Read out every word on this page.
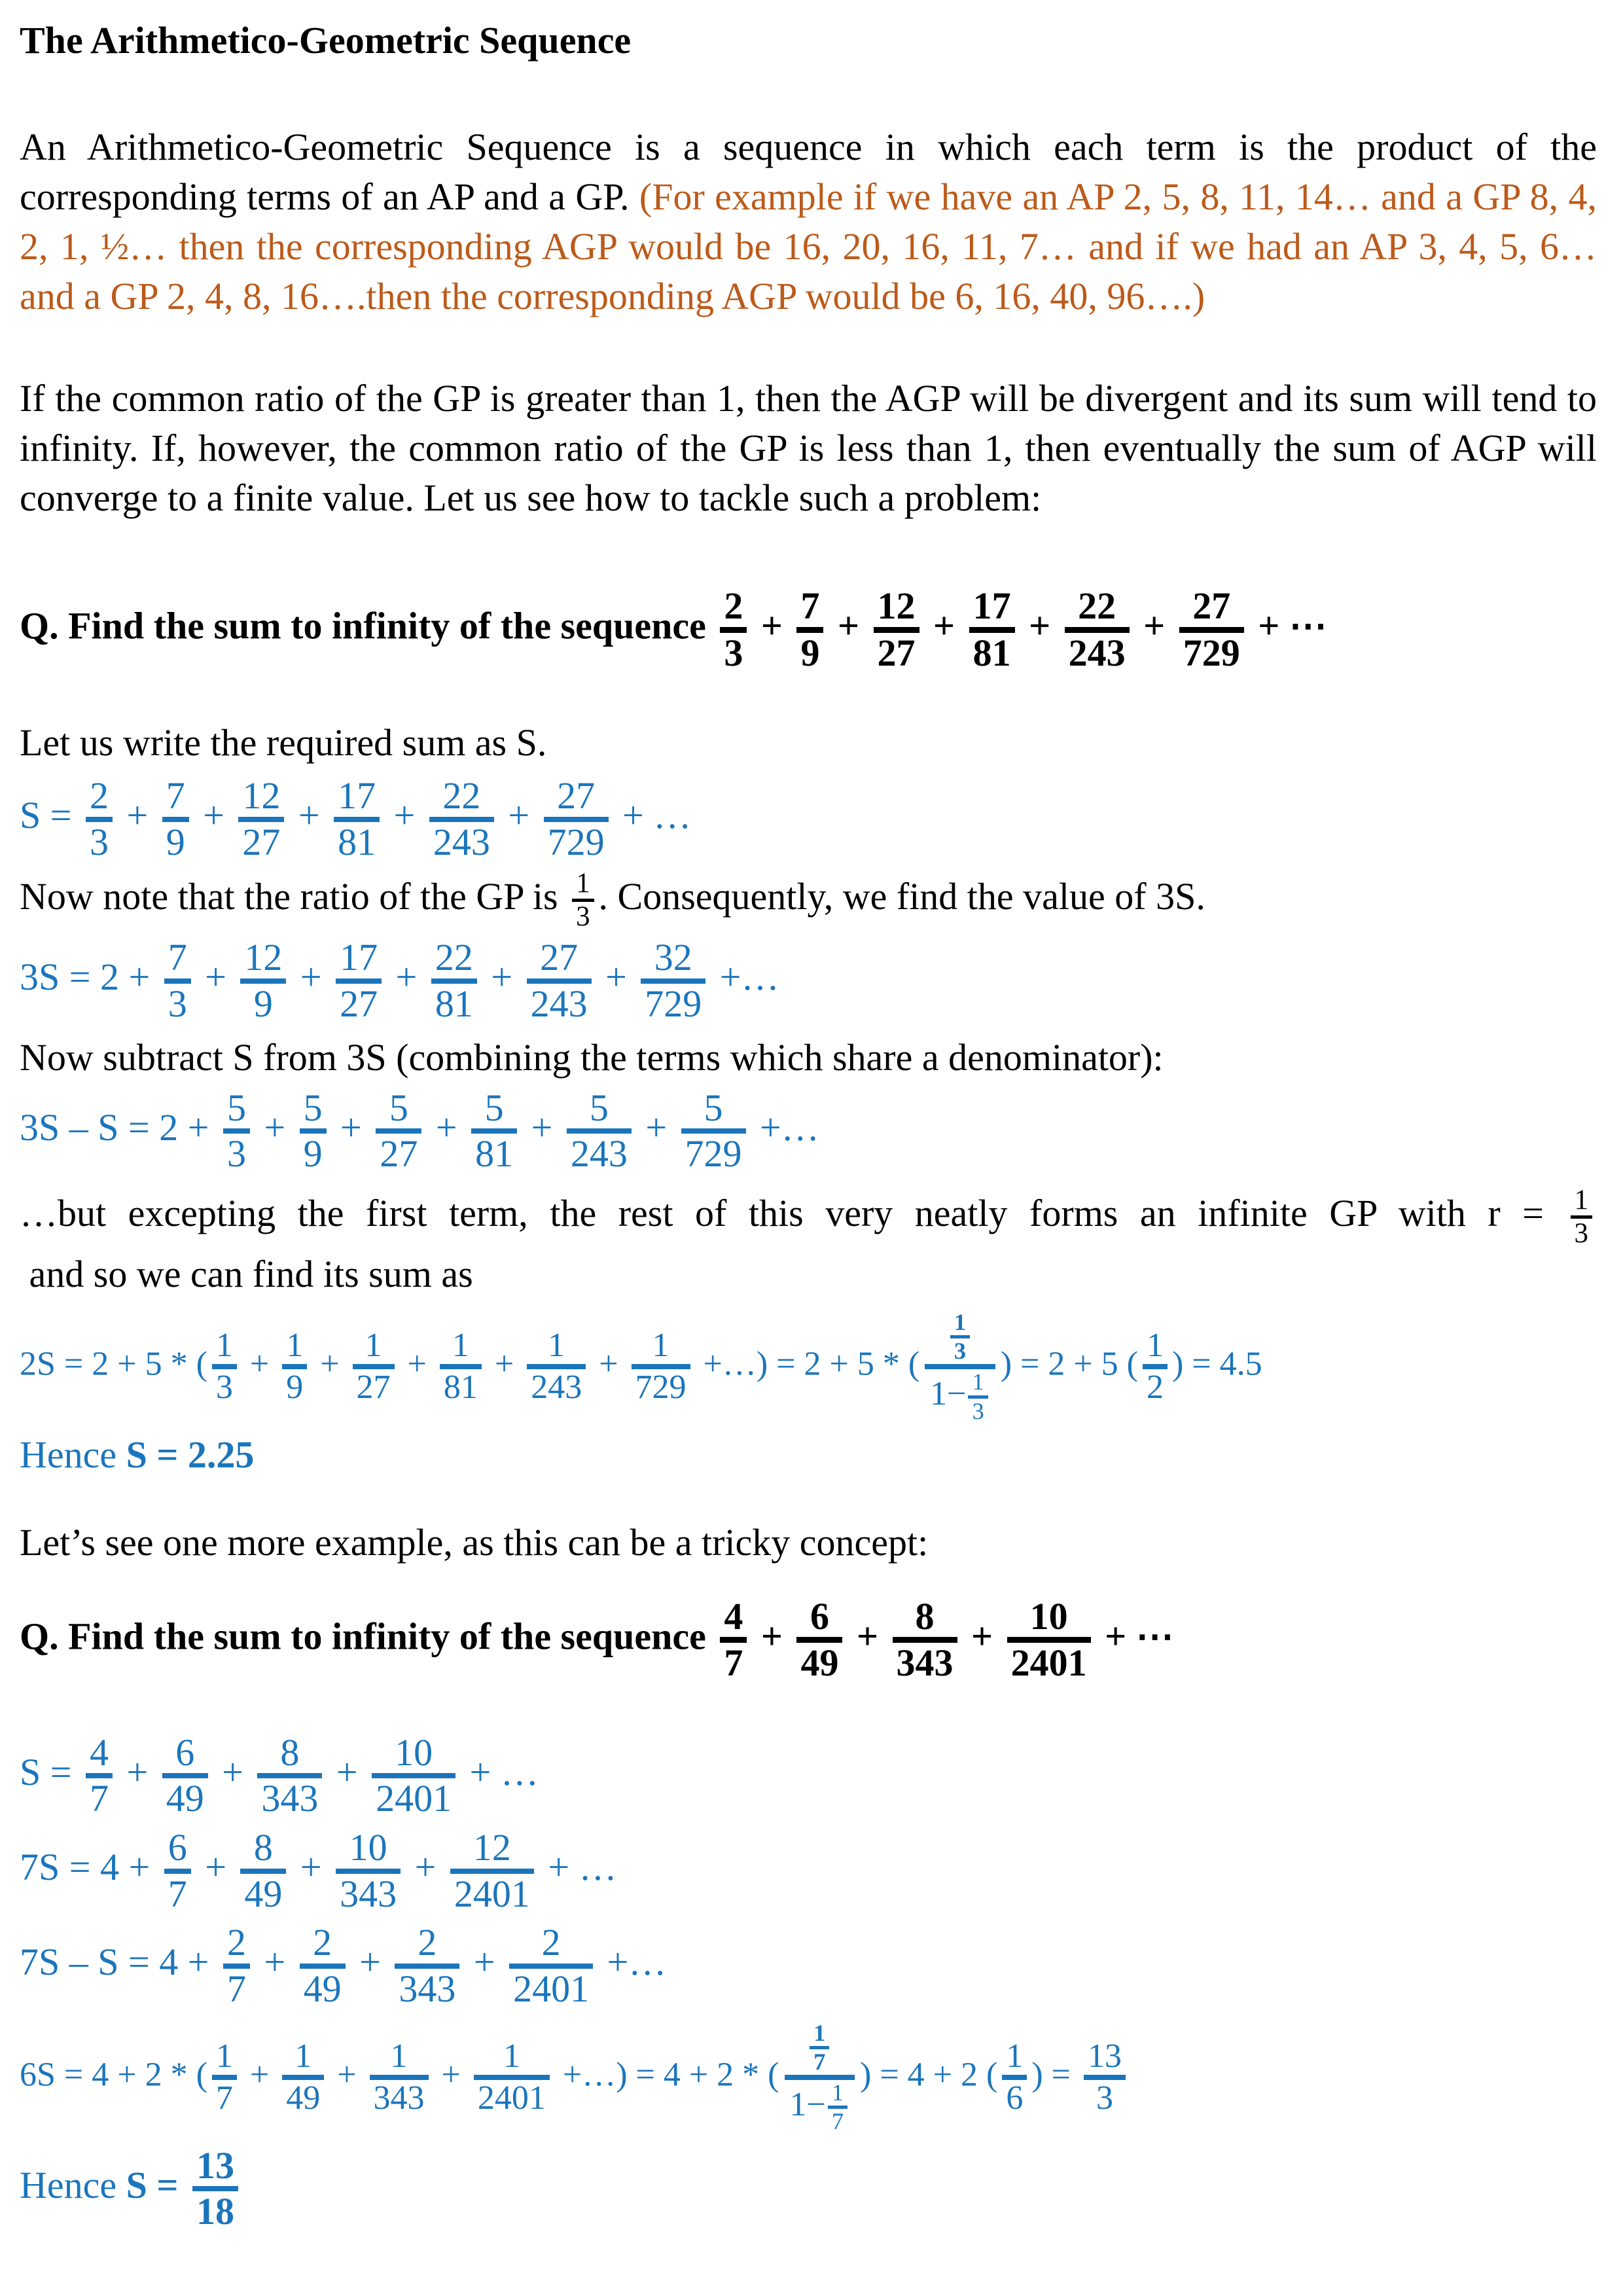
The Arithmetico-Geometric Sequence

An Arithmetico-Geometric Sequence is a sequence in which each term is the product of the corresponding terms of an AP and a GP. (For example if we have an AP 2, 5, 8, 11, 14… and a GP 8, 4, 2, 1, ½… then the corresponding AGP would be 16, 20, 16, 11, 7… and if we had an AP 3, 4, 5, 6… and a GP 2, 4, 8, 16….then the corresponding AGP would be 6, 16, 40, 96….)

If the common ratio of the GP is greater than 1, then the AGP will be divergent and its sum will tend to infinity. If, however, the common ratio of the GP is less than 1, then eventually the sum of AGP will converge to a finite value. Let us see how to tackle such a problem:

Q. Find the sum to infinity of the sequence $\frac{2}{3} + \frac{7}{9} + \frac{12}{27} + \frac{17}{81} + \frac{22}{243} + \frac{27}{729}$ + ⋯

Let us write the required sum as S.

$S = \frac{2}{3} + \frac{7}{9} + \frac{12}{27} + \frac{17}{81} + \frac{22}{243} + \frac{27}{729}$ + …

Now note that the ratio of the GP is $\frac{1}{3}$ . Consequently, we find the value of 3S.

$3S = 2 + \frac{7}{3} + \frac{12}{9} + \frac{17}{27} + \frac{22}{81} + \frac{27}{243} + \frac{32}{729}$ +…

Now subtract S from 3S (combining the terms which share a denominator):

$3S - S = 2 + \frac{5}{3} + \frac{5}{9} + \frac{5}{27} + \frac{5}{81} + \frac{5}{243} + \frac{5}{729}$ +…

…but excepting the first term, the rest of this very neatly forms an infinite GP with $r = \frac{1}{3}$
and so we can find its sum as

2S = 2 + 5 * ( $\frac{1}{3} + \frac{1}{9} + \frac{1}{27} + \frac{1}{81} + \frac{1}{243} + \frac{1}{729}$ +…) = 2 + 5 * ( $\frac{\frac{1}{3}}{1- \frac{1}{3}}$ ) = 2 + 5 ( $\frac{1}{2}$ ) = 4.5
Hence S = 2.25

Let’s see one more example, as this can be a tricky concept:

Q. Find the sum to infinity of the sequence $\frac{4}{7} + \frac{6}{49} + \frac{8}{343} + \frac{10}{2401}$ + ⋯
$S = \frac{4}{7} + \frac{6}{49} + \frac{8}{343} + \frac{10}{2401}$ + …
$7S = 4 + \frac{6}{7} + \frac{8}{49} + \frac{10}{343} + \frac{12}{2401}$ + …
$7S - S = 4 + \frac{2}{7} + \frac{2}{49} + \frac{2}{343} + \frac{2}{2401}$ +…
6S = 4 + 2 * ( $\frac{1}{7} + \frac{1}{49} + \frac{1}{343} + \frac{1}{2401}$ +…) = 4 + 2 * ( $\frac{\frac{1}{7}}{1- \frac{1}{7}}$ ) = 4 + 2 ( $\frac{1}{6}$ ) = $\frac{13}{3}$
Hence $S = \frac{13}{18}$
